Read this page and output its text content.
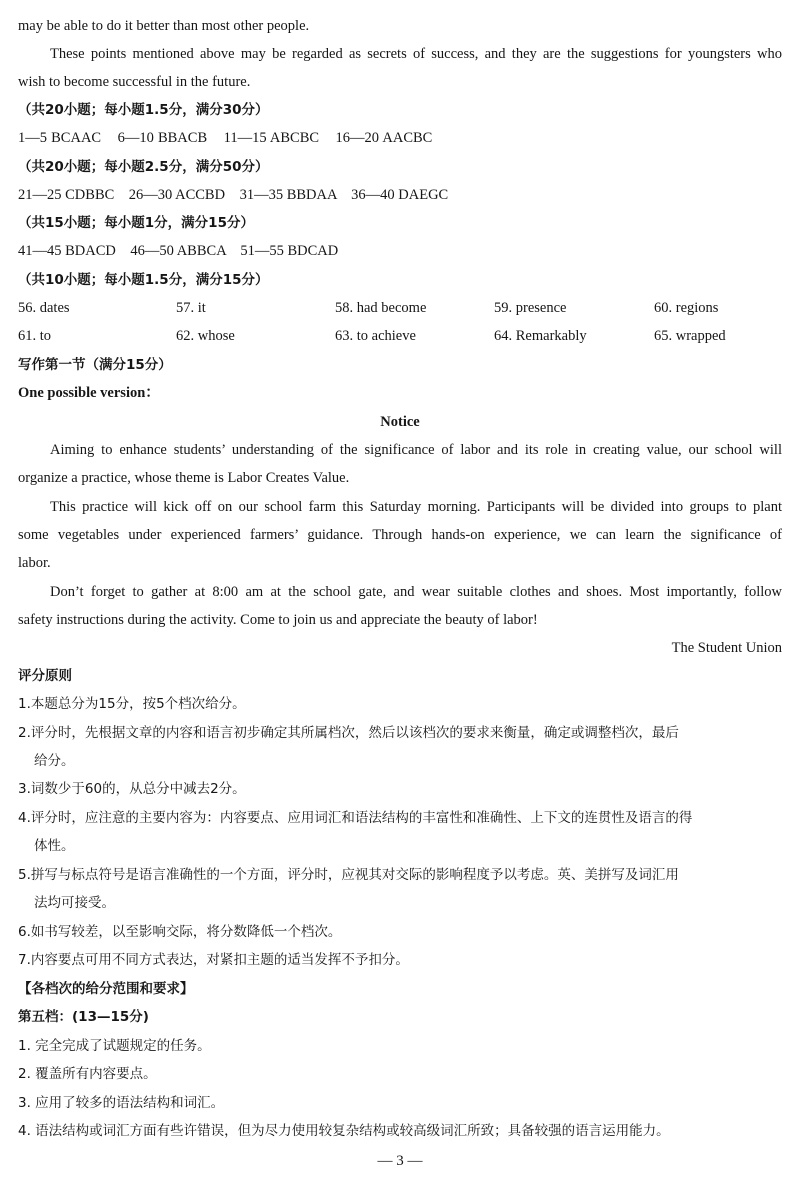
may be able to do it better than most other people.
These points mentioned above may be regarded as secrets of success, and they are the suggestions for youngsters who
wish to become successful in the future.
（共20小题；每小题1.5分，满分30分）
1—5 BCAAC    6—10 BBACB    11—15 ABCBC    16—20 AACBC
（共20小题；每小题2.5分，满分50分）
21—25 CDBBC    26—30 ACCBD    31—35 BBDAA    36—40 DAEGC
（共15小题；每小题1分，满分15分）
41—45 BDACD    46—50 ABBCA    51—55 BDCAD
（共10小题；每小题1.5分，满分15分）
56. dates	57. it	58. had become	59. presence	60. regions
61. to	62. whose	63. to achieve	64. Remarkably	65. wrapped
写作第一节（满分15分）
One possible version：
Notice
Aiming to enhance students’ understanding of the significance of labor and its role in creating value, our school will
organize a practice, whose theme is Labor Creates Value.
This practice will kick off on our school farm this Saturday morning. Participants will be divided into groups to plant
some vegetables under experienced farmers’ guidance. Through hands-on experience, we can learn the significance of
labor.
Don’t forget to gather at 8:00 am at the school gate, and wear suitable clothes and shoes. Most importantly, follow
safety instructions during the activity. Come to join us and appreciate the beauty of labor!
The Student Union
评分原则
1.本题总分为15分，按5个档次给分。
2.评分时，先根据文章的内容和语言初步确定其所属档次，然后以该档次的要求来衡量，确定或调整档次，最后
给分。
3.词数少于60的，从总分中减去2分。
4.评分时，应注意的主要内容为：内容要点、应用词汇和语法结构的丰富性和准确性、上下文的连贯性及语言的得
体性。
5.拼写与标点符号是语言准确性的一个方面，评分时，应视其对交际的影响程度予以考虑。英、美拼写及词汇用
法均可接受。
6.如书写较差，以至影响交际，将分数降低一个档次。
7.内容要点可用不同方式表达，对紧扣主题的适当发挥不予扣分。
【各档次的给分范围和要求】
第五档：(13—15分)
1. 完全完成了试题规定的任务。
2. 覆盖所有内容要点。
3. 应用了较多的语法结构和词汇。
4. 语法结构或词汇方面有些许错误，但为尽力使用较复杂结构或较高级词汇所致；具备较强的语言运用能力。
— 3 —
